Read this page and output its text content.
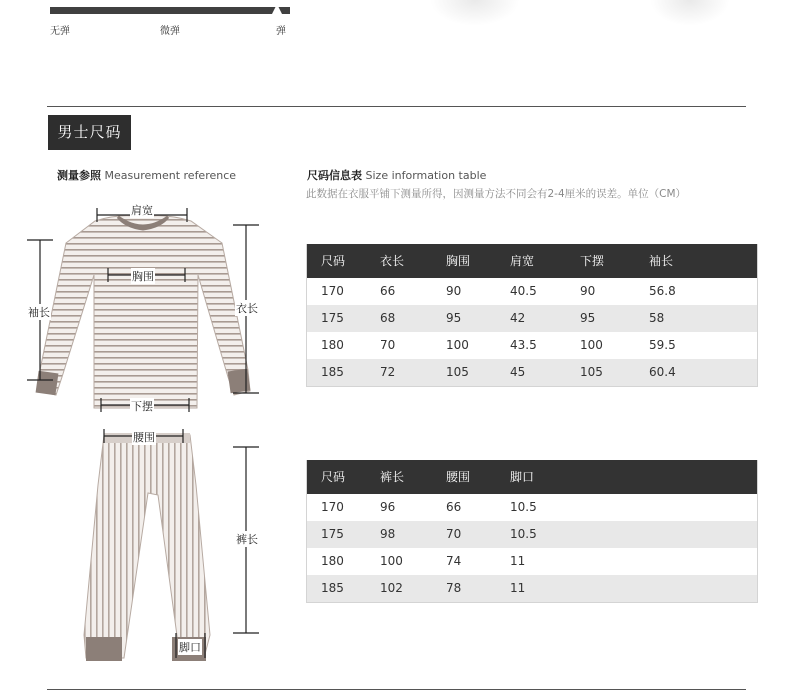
无弹	微弹	弹
男士尺码
测量参照 Measurement reference	尺码信息表 Size information table
此数据在衣服平铺下测量所得，因测量方法不同会有2-4厘米的误差。单位（CM）
肩宽
胸围
袖长	衣长
下摆
腰围
裤长
脚口
尺码	衣长	胸围	肩宽	下摆	袖长
170	66	90	40.5	90	56.8
175	68	95	42	95	58
180	70	100	43.5	100	59.5
185	72	105	45	105	60.4
尺码	裤长	腰围	脚口
170	96	66	10.5
175	98	70	10.5
180	100	74	11
185	102	78	11
